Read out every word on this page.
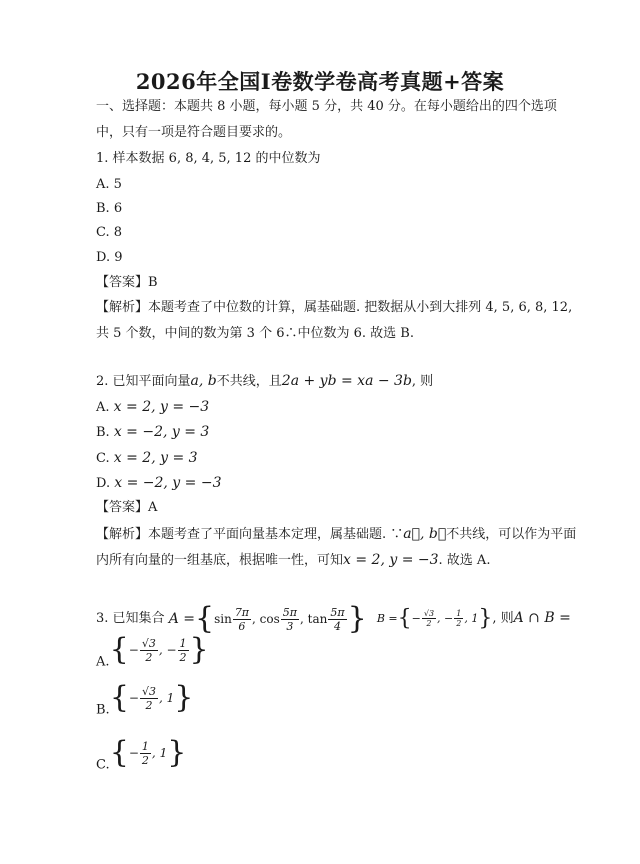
2026年全国Ⅰ卷数学卷高考真题+答案
一、选择题：本题共 8 小题，每小题 5 分，共 40 分。在每小题给出的四个选项
中，只有一项是符合题目要求的。
1. 样本数据 6, 8, 4, 5, 12 的中位数为
A. 5
B. 6
C. 8
D. 9
【答案】B
【解析】本题考查了中位数的计算，属基础题. 把数据从小到大排列 4, 5, 6, 8, 12,
共 5 个数，中间的数为第 3 个 6∴中位数为 6. 故选 B.
2. 已知平面向量a, b不共线，且2a + yb = xa − 3b, 则
A. x = 2, y = −3
B. x = −2, y = 3
C. x = 2, y = 3
D. x = −2, y = −3
【答案】A
【解析】本题考查了平面向量基本定理，属基础题. ∵a⃗, b⃗不共线，可以作为平面
内所有向量的一组基底，根据唯一性，可知x = 2, y = −3. 故选 A.
3. 已知集合 A = { $\sin \frac{7\pi}{6}$ , $\cos \frac{5\pi}{3}$ , $\tan \frac{5\pi}{4}$ }
B = { − $\frac{√3}{2}$ , − $\frac{1}{2}$ , 1 } , 则A ∩ B =
A. { − $\frac{√3}{2}$ , − $\frac{1}{2}$ }
B. { − $\frac{√3}{2}$ , 1 }
C. { − $\frac{1}{2}$ , 1 }
